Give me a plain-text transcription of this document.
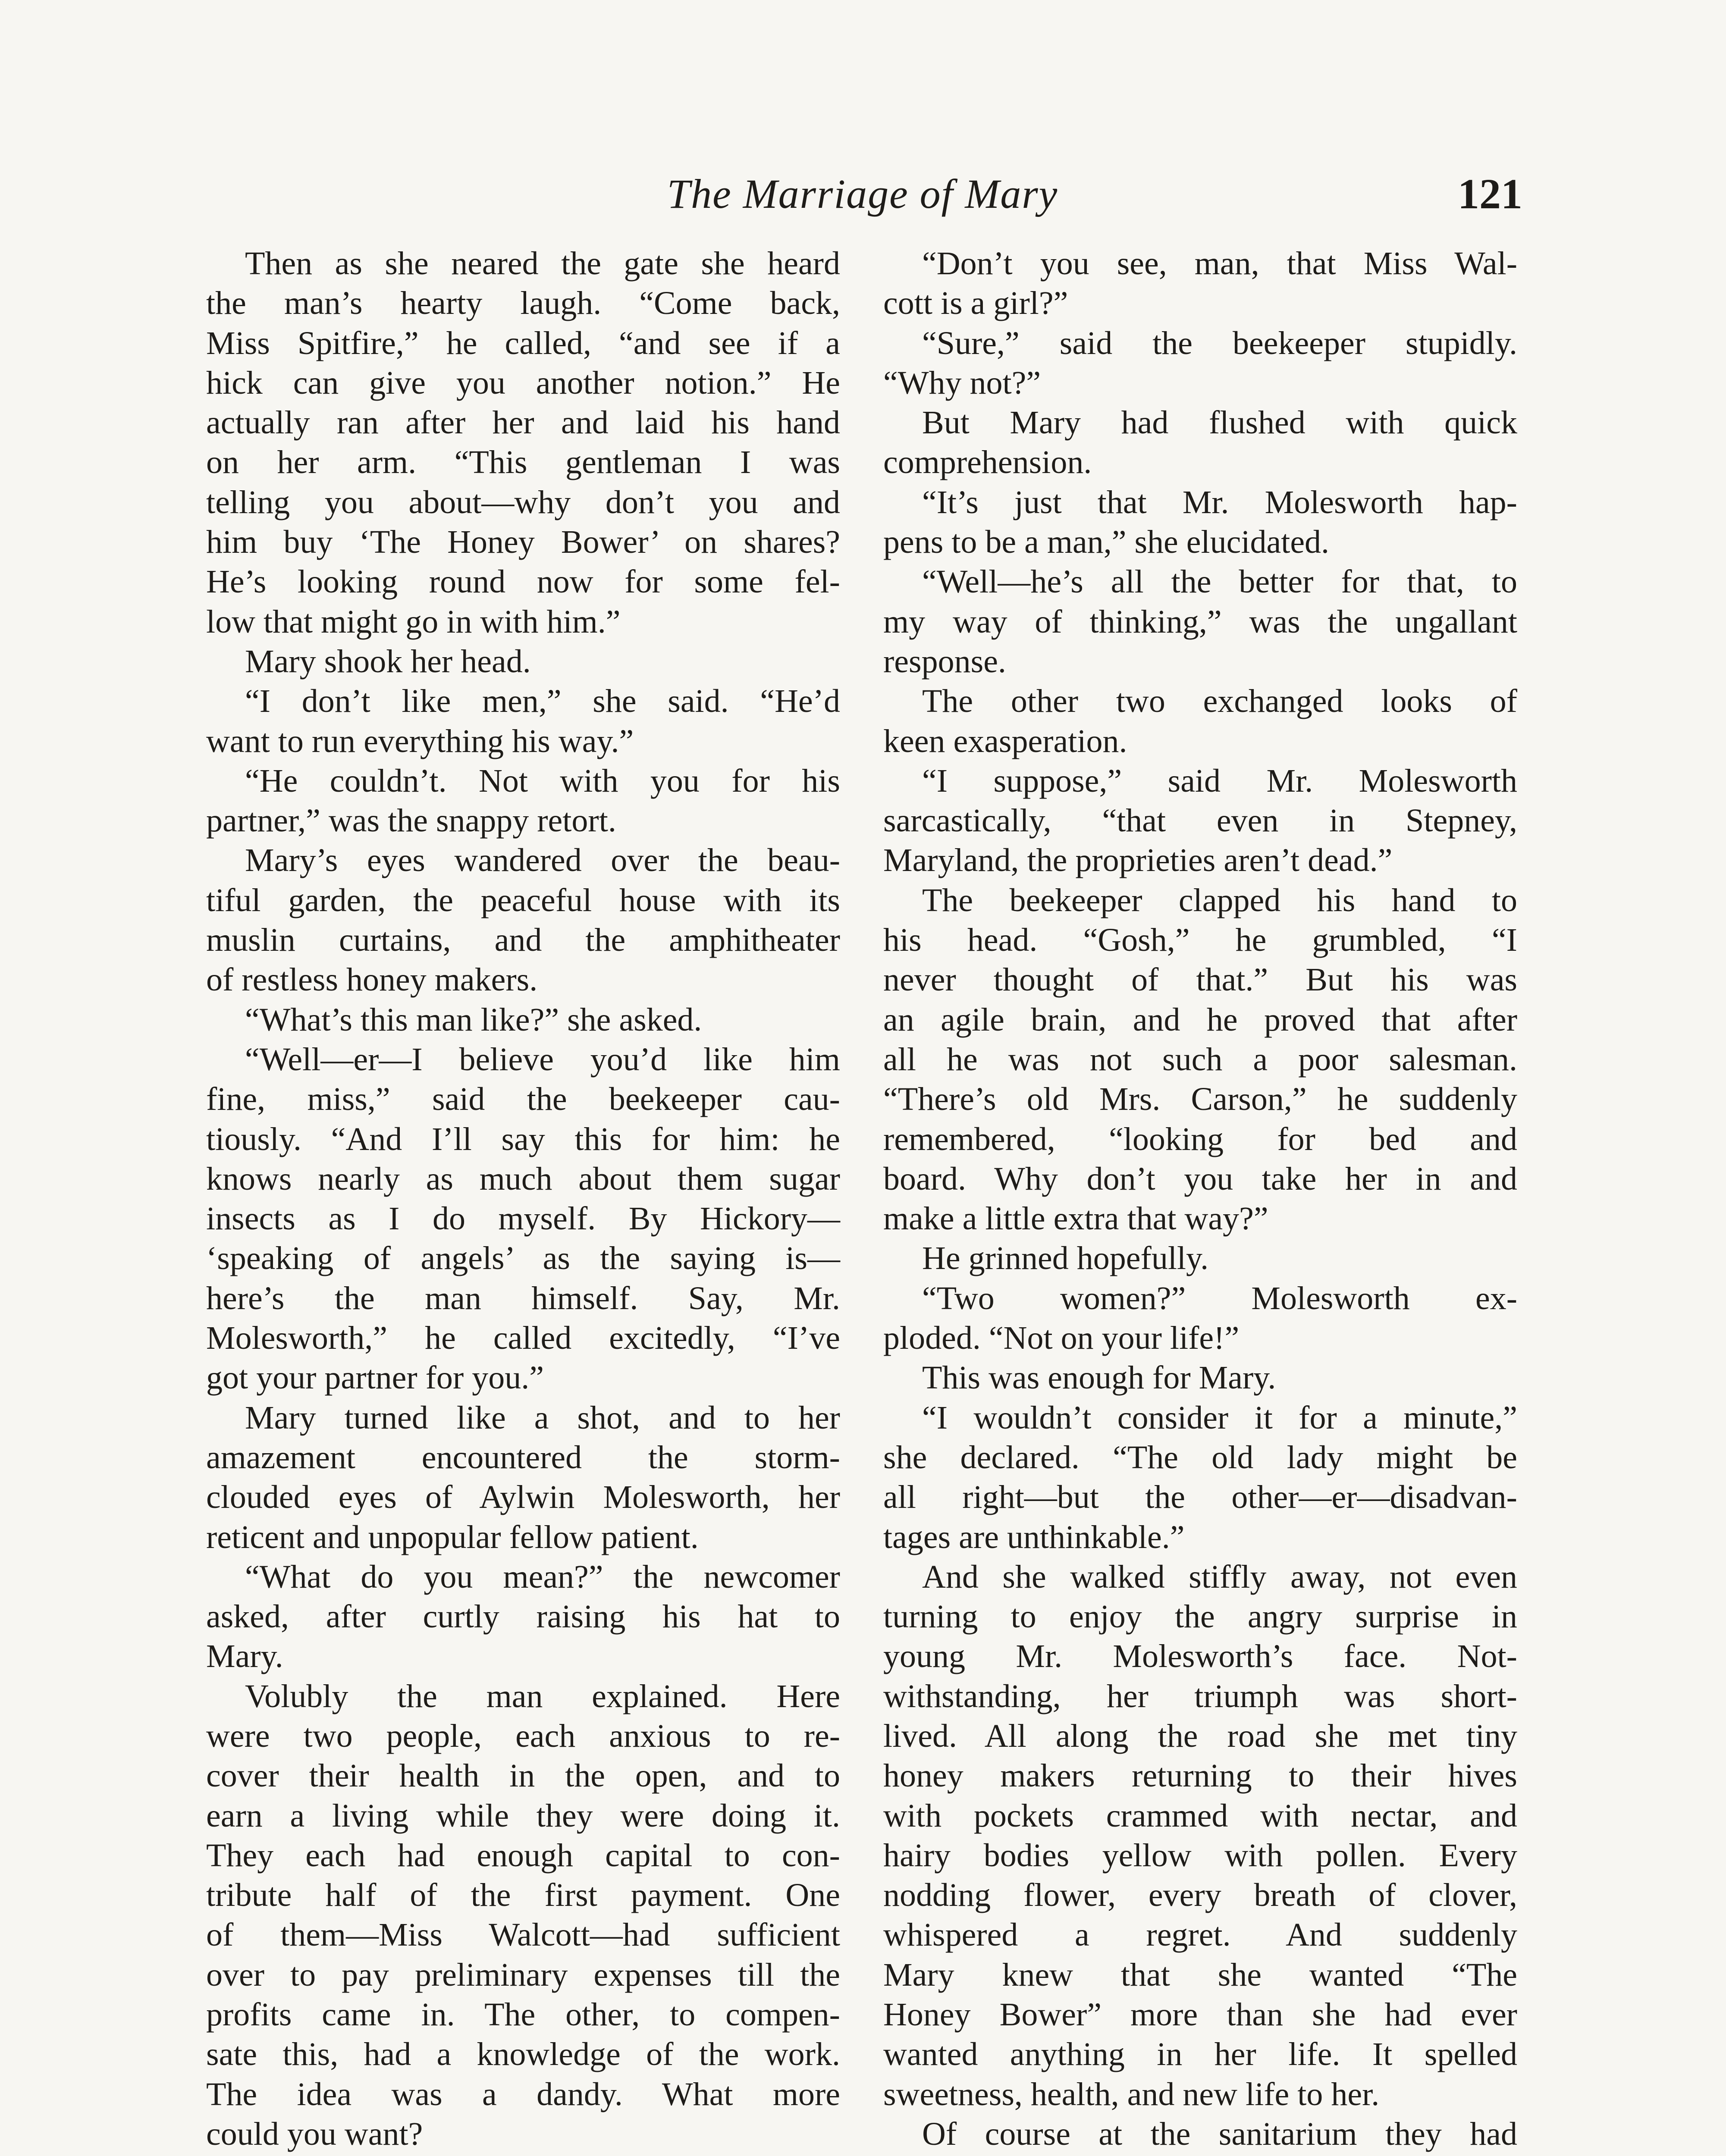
The Marriage of Mary	121
Then as she neared the gate she heard
the man’s hearty laugh. “Come back,
Miss Spitfire,” he called, “and see if a
hick can give you another notion.” He
actually ran after her and laid his hand
on her arm. “This gentleman I was
telling you about—why don’t you and
him buy ‘The Honey Bower’ on shares?
He’s looking round now for some fel-
low that might go in with him.”
Mary shook her head.
“I don’t like men,” she said. “He’d
want to run everything his way.”
“He couldn’t. Not with you for his
partner,” was the snappy retort.
Mary’s eyes wandered over the beau-
tiful garden, the peaceful house with its
muslin curtains, and the amphitheater
of restless honey makers.
“What’s this man like?” she asked.
“Well—er—I believe you’d like him
fine, miss,” said the beekeeper cau-
tiously. “And I’ll say this for him: he
knows nearly as much about them sugar
insects as I do myself. By Hickory—
‘speaking of angels’ as the saying is—
here’s the man himself. Say, Mr.
Molesworth,” he called excitedly, “I’ve
got your partner for you.”
Mary turned like a shot, and to her
amazement encountered the storm-
clouded eyes of Aylwin Molesworth, her
reticent and unpopular fellow patient.
“What do you mean?” the newcomer
asked, after curtly raising his hat to
Mary.
Volubly the man explained. Here
were two people, each anxious to re-
cover their health in the open, and to
earn a living while they were doing it.
They each had enough capital to con-
tribute half of the first payment. One
of them—Miss Walcott—had sufficient
over to pay preliminary expenses till the
profits came in. The other, to compen-
sate this, had a knowledge of the work.
The idea was a dandy. What more
could you want?
“Don’t you see, man, that Miss Wal-
cott is a girl?”
“Sure,” said the beekeeper stupidly.
“Why not?”
But Mary had flushed with quick
comprehension.
“It’s just that Mr. Molesworth hap-
pens to be a man,” she elucidated.
“Well—he’s all the better for that, to
my way of thinking,” was the ungallant
response.
The other two exchanged looks of
keen exasperation.
“I suppose,” said Mr. Molesworth
sarcastically, “that even in Stepney,
Maryland, the proprieties aren’t dead.”
The beekeeper clapped his hand to
his head. “Gosh,” he grumbled, “I
never thought of that.” But his was
an agile brain, and he proved that after
all he was not such a poor salesman.
“There’s old Mrs. Carson,” he suddenly
remembered, “looking for bed and
board. Why don’t you take her in and
make a little extra that way?”
He grinned hopefully.
“Two women?” Molesworth ex-
ploded. “Not on your life!”
This was enough for Mary.
“I wouldn’t consider it for a minute,”
she declared. “The old lady might be
all right—but the other—er—disadvan-
tages are unthinkable.”
And she walked stiffly away, not even
turning to enjoy the angry surprise in
young Mr. Molesworth’s face. Not-
withstanding, her triumph was short-
lived. All along the road she met tiny
honey makers returning to their hives
with pockets crammed with nectar, and
hairy bodies yellow with pollen. Every
nodding flower, every breath of clover,
whispered a regret. And suddenly
Mary knew that she wanted “The
Honey Bower” more than she had ever
wanted anything in her life. It spelled
sweetness, health, and new life to her.
Of course at the sanitarium they had
